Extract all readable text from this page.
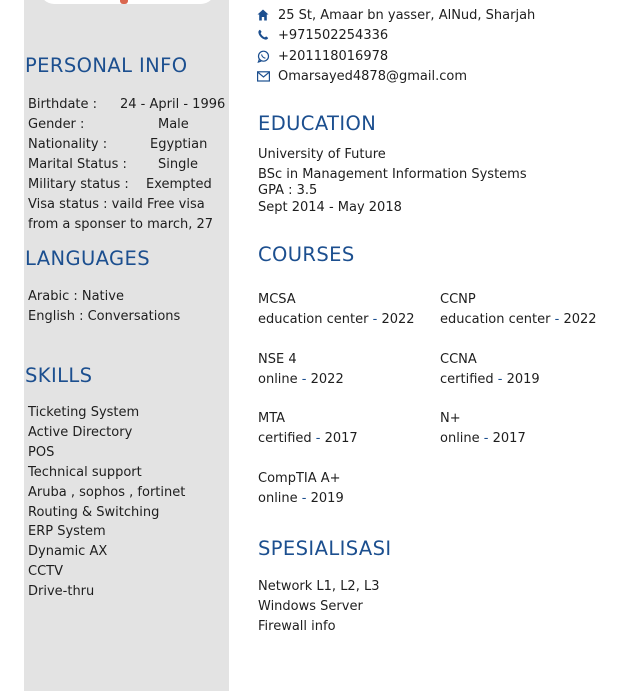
25 St, Amaar bn yasser, AlNud, Sharjah
+971502254336
+201118016978
Omarsayed4878@gmail.com
PERSONAL INFO
Birthdate : 24 - April - 1996
Gender :	Male
Nationality :	Egyptian
Marital Status : Single
Military status : Exempted
Visa status : vaild Free visa
from a sponser to march, 27
LANGUAGES
Arabic : Native
English : Conversations
SKILLS
Ticketing System
Active Directory
POS
Technical support
Aruba , sophos , fortinet
Routing & Switching
ERP System
Dynamic AX
CCTV
Drive-thru
EDUCATION
University of Future
BSc in Management Information Systems
GPA : 3.5
Sept 2014 - May 2018
COURSES
MCSA
education center - 2022
CCNP
education center - 2022
NSE 4
online - 2022
CCNA
certified - 2019
MTA
certified - 2017
N+
online - 2017
CompTIA A+
online - 2019
SPESIALISASI
Network L1, L2, L3
Windows Server
Firewall info
